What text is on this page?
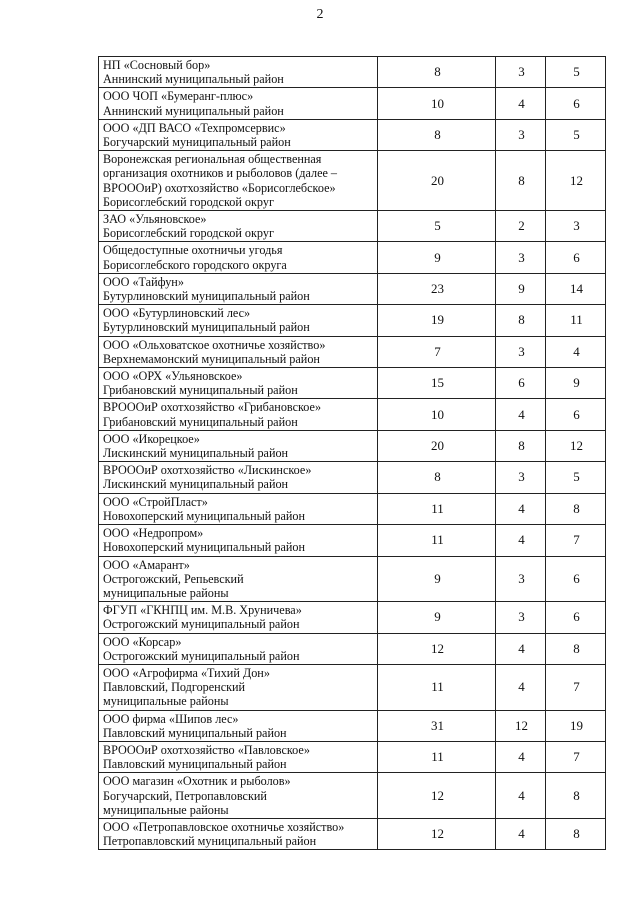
2
НП «Сосновый бор»
Аннинский муниципальный район	8	3	5

ООО ЧОП «Бумеранг-плюс»
Аннинский муниципальный район	10	4	6

ООО «ДП ВАСО «Техпромсервис»
Богучарский муниципальный район	8	3	5

Воронежская региональная общественная
организация охотников и рыболовов (далее –
ВРОООиР) охотхозяйство «Борисоглебское»
Борисоглебский городской округ	20	8	12

ЗАО «Ульяновское»
Борисоглебский городской округ	5	2	3

Общедоступные охотничьи угодья
Борисоглебского городского округа	9	3	6

ООО «Тайфун»
Бутурлиновский муниципальный район	23	9	14

ООО «Бутурлиновский лес»
Бутурлиновский муниципальный район	19	8	11

ООО «Ольховатское охотничье хозяйство»
Верхнемамонский муниципальный район	7	3	4

ООО «ОРХ «Ульяновское»
Грибановский муниципальный район	15	6	9

ВРОООиР охотхозяйство «Грибановское»
Грибановский муниципальный район	10	4	6

ООО «Икорецкое»
Лискинский муниципальный район	20	8	12

ВРОООиР охотхозяйство «Лискинское»
Лискинский муниципальный район	8	3	5

ООО «СтройПласт»
Новохоперский муниципальный район	11	4	8

ООО «Недропром»
Новохоперский муниципальный район	11	4	7

ООО «Амарант»
Острогожский, Репьевский
муниципальные районы	9	3	6

ФГУП «ГКНПЦ им. М.В. Хруничева»
Острогожский муниципальный район	9	3	6

ООО «Корсар»
Острогожский муниципальный район	12	4	8

ООО «Агрофирма «Тихий Дон»
Павловский, Подгоренский
муниципальные районы	11	4	7

ООО фирма «Шипов лес»
Павловский муниципальный район	31	12	19

ВРОООиР охотхозяйство «Павловское»
Павловский муниципальный район	11	4	7

ООО магазин «Охотник и рыболов»
Богучарский, Петропавловский
муниципальные районы	12	4	8

ООО «Петропавловское охотничье хозяйство»
Петропавловский муниципальный район	12	4	8
